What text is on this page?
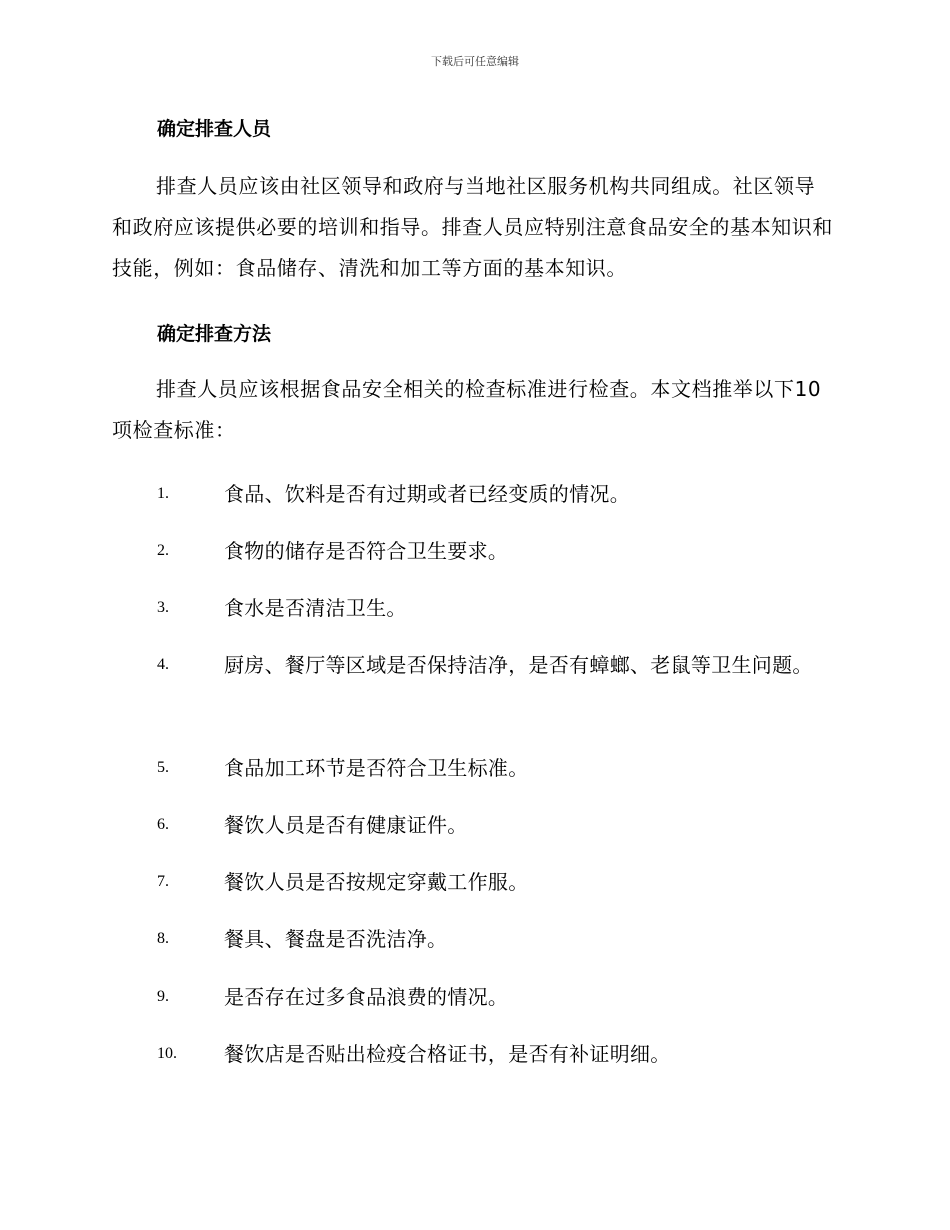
下载后可任意编辑
确定排查人员

排查人员应该由社区领导和政府与当地社区服务机构共同组成。社区领导和政府应该提供必要的培训和指导。排查人员应特别注意食品安全的基本知识和技能，例如：食品储存、清洗和加工等方面的基本知识。

确定排查方法

排查人员应该根据食品安全相关的检查标准进行检查。本文档推举以下10项检查标准：

1.	食品、饮料是否有过期或者已经变质的情况。
2.	食物的储存是否符合卫生要求。
3.	食水是否清洁卫生。
4.	厨房、餐厅等区域是否保持洁净，是否有蟑螂、老鼠等卫生问题。
5.	食品加工环节是否符合卫生标准。
6.	餐饮人员是否有健康证件。
7.	餐饮人员是否按规定穿戴工作服。
8.	餐具、餐盘是否洗洁净。
9.	是否存在过多食品浪费的情况。
10.	餐饮店是否贴出检疫合格证书，是否有补证明细。
